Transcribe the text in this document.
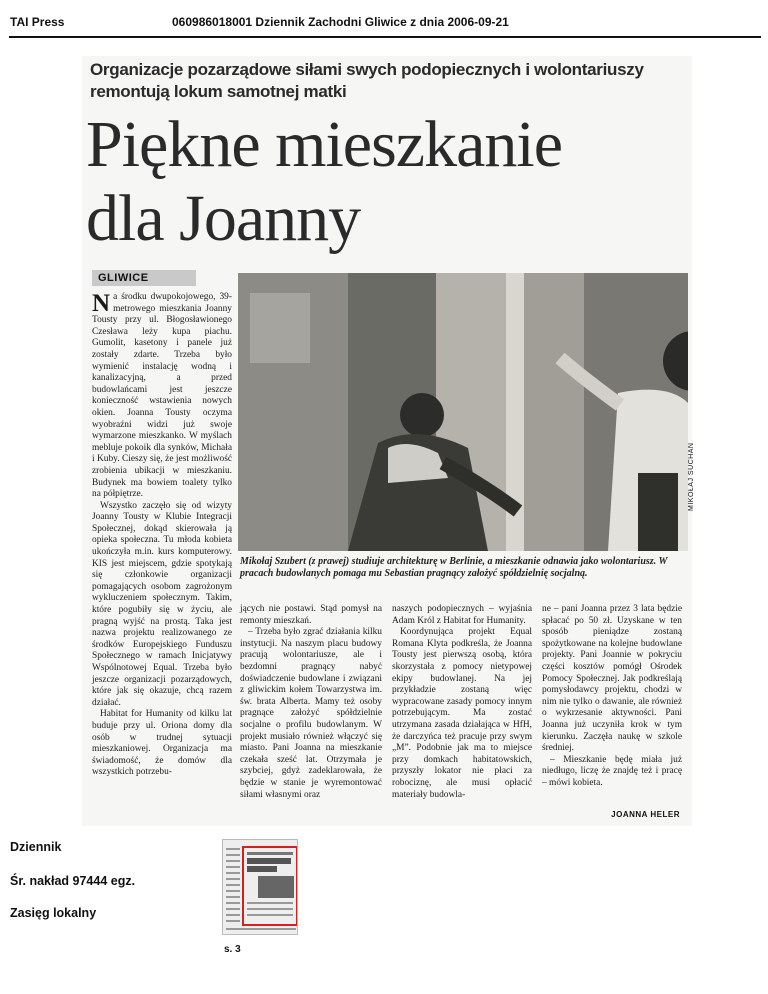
TAI Press	060986018001 Dziennik Zachodni Gliwice z dnia 2006-09-21
Organizacje pozarządowe siłami swych podopiecznych i wolontariuszy remontują lokum samotnej matki
Piękne mieszkanie
dla Joanny
GLIWICE

Na środku dwupokojowego, 39-metrowego mieszkania Joanny Tousty przy ul. Błogosławionego Czesława leży kupa piachu. Gumolit, kasetony i panele już zostały zdarte. Trzeba było wymienić instalację wodną i kanalizacyjną, a przed budowlańcami jest jeszcze konieczność wstawienia nowych okien. Joanna Tousty oczyma wyobraźni widzi już swoje wymarzone mieszkanko. W myślach mebluje pokoik dla synków, Michała i Kuby. Cieszy się, że jest możliwość zrobienia ubikacji w mieszkaniu. Budynek ma bowiem toalety tylko na półpiętrze.

Wszystko zaczęło się od wizyty Joanny Tousty w Klubie Integracji Społecznej, dokąd skierowała ją opieka społeczna. Tu młoda kobieta ukończyła m.in. kurs komputerowy. KIS jest miejscem, gdzie spotykają się członkowie organizacji pomagających osobom zagrożonym wykluczeniem społecznym. Takim, które pogubiły się w życiu, ale pragną wyjść na prostą. Taka jest nazwa projektu realizowanego ze środków Europejskiego Funduszu Społecznego w ramach Inicjatywy Wspólnotowej Equal. Trzeba było jeszcze organizacji pozarządowych, które jak się okazuje, chcą razem działać.

Habitat for Humanity od kilku lat buduje przy ul. Oriona domy dla osób w trudnej sytuacji mieszkaniowej. Organizacja ma świadomość, że domów dla wszystkich potrzebu-

MIKOŁAJ SUCHAN
Mikołaj Szubert (z prawej) studiuje architekturę w Berlinie, a mieszkanie odnawia jako wolontariusz. W pracach budowlanych pomaga mu Sebastian pragnący założyć spółdzielnię socjalną.

jących nie postawi. Stąd pomysł na remonty mieszkań.

– Trzeba było zgrać działania kilku instytucji. Na naszym placu budowy pracują wolontariusze, ale i bezdomni pragnący nabyć doświadczenie budowlane i związani z gliwickim kołem Towarzystwa im. św. brata Alberta. Mamy też osoby pragnące założyć spółdzielnie socjalne o profilu budowlanym. W projekt musiało również włączyć się miasto. Pani Joanna na mieszkanie czekała sześć lat. Otrzymała je szybciej, gdyż zadeklarowała, że będzie w stanie je wyremontować siłami własnymi oraz

naszych podopiecznych – wyjaśnia Adam Król z Habitat for Humanity.

Koordynująca projekt Equal Romana Klyta podkreśla, że Joanna Tousty jest pierwszą osobą, która skorzystała z pomocy nietypowej ekipy budowlanej. Na jej przykładzie zostaną więc wypracowane zasady pomocy innym potrzebującym. Ma zostać utrzymana zasada działająca w HfH, że darczyńca też pracuje przy swym „M”. Podobnie jak ma to miejsce przy domkach habitatowskich, przyszły lokator nie płaci za robociznę, ale musi opłacić materiały budowla-

ne – pani Joanna przez 3 lata będzie spłacać po 50 zł. Uzyskane w ten sposób pieniądze zostaną spożytkowane na kolejne budowlane projekty. Pani Joannie w pokryciu części kosztów pomógł Ośrodek Pomocy Społecznej. Jak podkreślają pomysłodawcy projektu, chodzi w nim nie tylko o dawanie, ale również o wykrzesanie aktywności. Pani Joanna już uczyniła krok w tym kierunku. Zaczęła naukę w szkole średniej.

– Mieszkanie będę miała już niedługo, liczę że znajdę też i pracę – mówi kobieta.

JOANNA HELER
Dziennik
Śr. nakład 97444 egz.
Zasięg lokalny
s. 3
